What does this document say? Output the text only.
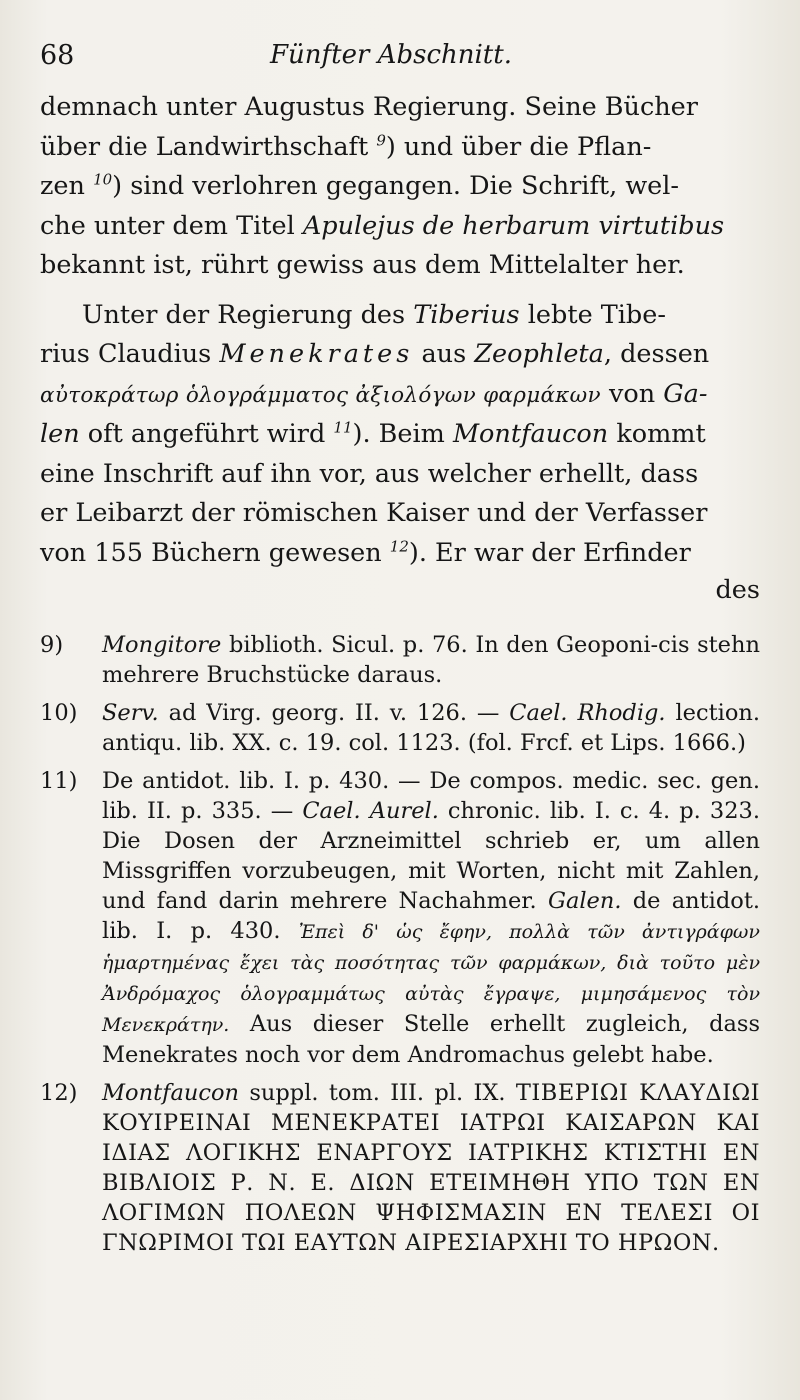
68	Fünfter Abschnitt.

demnach unter Augustus Regierung. Seine Bücher
über die Landwirthschaft $^9$) und über die Pflan-
zen $^{10}$) sind verlohren gegangen. Die Schrift, wel-
che unter dem Titel Apulejus de herbarum virtutibus
bekannt ist, rührt gewiss aus dem Mittelalter her.

Unter der Regierung des Tiberius lebte Tibe-
rius Claudius Menekrates aus Zeophleta, dessen
αὐτοκράτωρ ὁλογράμματος ἀξιολόγων φαρμάκων von Ga-
len oft angeführt wird $^{11}$). Beim Montfaucon kommt
eine Inschrift auf ihn vor, aus welcher erhellt, dass
er Leibarzt der römischen Kaiser und der Verfasser
von 155 Büchern gewesen $^{12}$). Er war der Erfinder

des

9) Mongitore biblioth. Sicul. p. 76. In den Geoponi-cis stehn mehrere Bruchstücke daraus.

10) Serv. ad Virg. georg. II. v. 126. — Cael. Rhodig. lection. antiqu. lib. XX. c. 19. col. 1123. (fol. Frcf. et Lips. 1666.)

11) De antidot. lib. I. p. 430. — De compos. medic. sec. gen. lib. II. p. 335. — Cael. Aurel. chronic. lib. I. c. 4. p. 323. Die Dosen der Arzneimittel schrieb er, um allen Missgriffen vorzubeugen, mit Worten, nicht mit Zahlen, und fand darin mehrere Nachahmer. Galen. de antidot. lib. I. p. 430. Ἐπεὶ δ' ὡς ἔφην, πολλὰ τῶν ἀντιγράφων ἡμαρτημένας ἔχει τὰς ποσότητας τῶν φαρμάκων, διὰ τοῦτο μὲν Ἀνδρόμαχος ὁλογραμμάτως αὐτὰς ἔγραψε, μιμησάμενος τὸν Μενεκράτην. Aus dieser Stelle erhellt zugleich, dass Menekrates noch vor dem Andromachus gelebt habe.

12) Montfaucon suppl. tom. III. pl. IX. ΤΙΒΕΡΙΩΙ ΚΛΑΥΔΙΩΙ ΚΟΥΙΡΕΙΝΑΙ ΜΕΝΕΚΡΑΤΕΙ ΙΑΤΡΩΙ ΚΑΙΣΑΡΩΝ ΚΑΙ ΙΔΙΑΣ ΛΟΓΙΚΗΣ ΕΝΑΡΓΟΥΣ ΙΑΤΡΙΚΗΣ ΚΤΙΣΤΗΙ ΕΝ ΒΙΒΛΙΟΙΣ Ρ. Ν. Ε. ΔΙΩΝ ΕΤΕΙΜΗΘΗ ΥΠΟ ΤΩΝ ΕΝ ΛΟΓΙΜΩΝ ΠΟΛΕΩΝ ΨΗΦΙΣΜΑΣΙΝ ΕΝ ΤΕΛΕΣΙ ΟΙ ΓΝΩΡΙΜΟΙ ΤΩΙ ΕΑΥΤΩΝ ΑΙΡΕΣΙΑΡΧΗΙ ΤΟ ΗΡΩΟΝ.
